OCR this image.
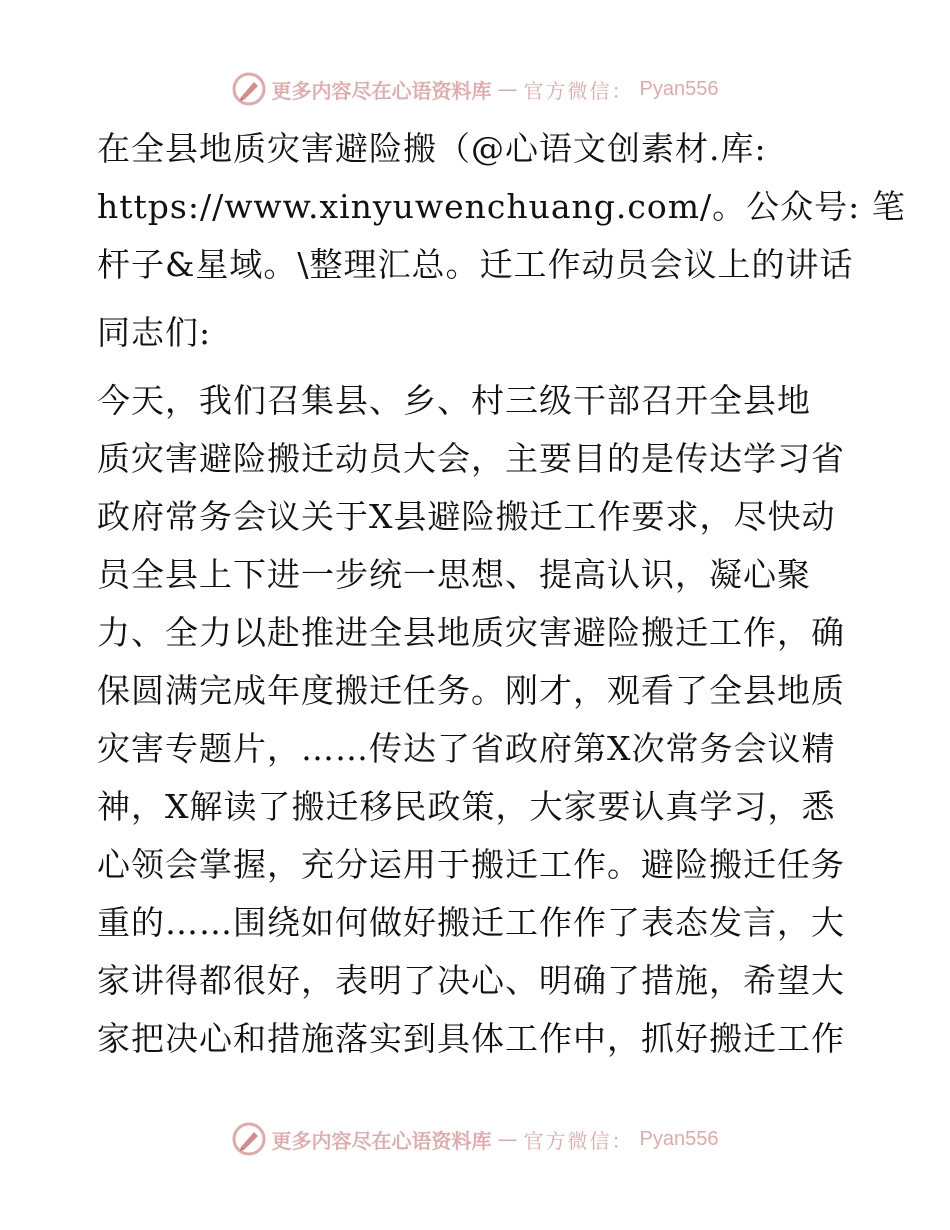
更多内容尽在心语资料库 — 官方微信： Pyan556
在全县地质灾害避险搬（@心语文创素材.库:
https://www.xinyuwenchuang.com/。公众号: 笔
杆子&星域。\整理汇总。迁工作动员会议上的讲话
同志们:
今天，我们召集县、乡、村三级干部召开全县地
质灾害避险搬迁动员大会，主要目的是传达学习省
政府常务会议关于X县避险搬迁工作要求，尽快动
员全县上下进一步统一思想、提高认识，凝心聚
力、全力以赴推进全县地质灾害避险搬迁工作，确
保圆满完成年度搬迁任务。刚才，观看了全县地质
灾害专题片，……传达了省政府第X次常务会议精
神，X解读了搬迁移民政策，大家要认真学习，悉
心领会掌握，充分运用于搬迁工作。避险搬迁任务
重的……围绕如何做好搬迁工作作了表态发言，大
家讲得都很好，表明了决心、明确了措施，希望大
家把决心和措施落实到具体工作中，抓好搬迁工作
更多内容尽在心语资料库 — 官方微信： Pyan556
